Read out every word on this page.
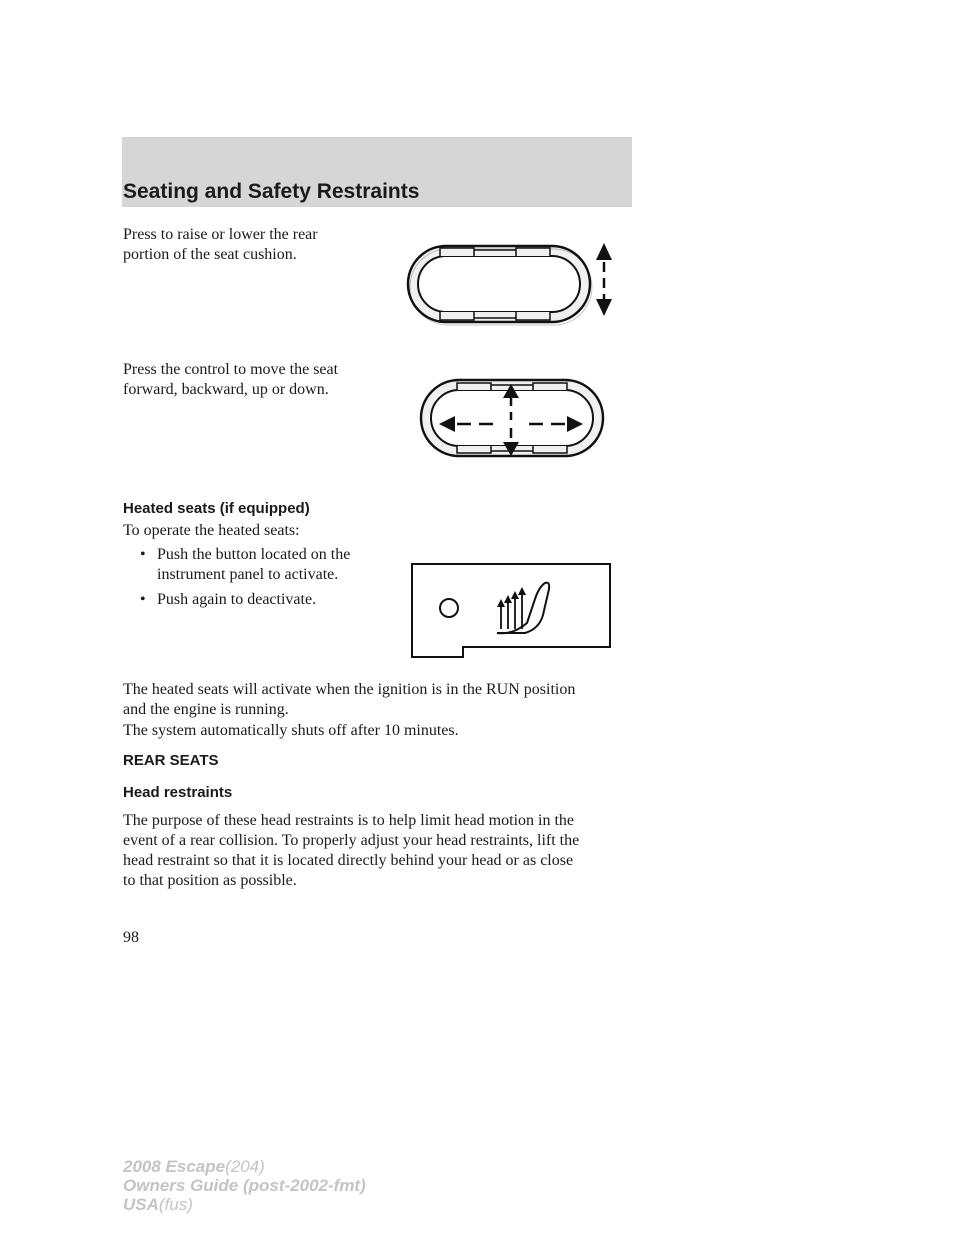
Seating and Safety Restraints

Press to raise or lower the rear

portion of the seat cushion.

Press the control to move the seat

forward, backward, up or down.

Heated seats (if equipped)

To operate the heated seats:

• Push the button located on the

instrument panel to activate.

• Push again to deactivate.

The heated seats will activate when the ignition is in the RUN position

and the engine is running.

The system automatically shuts off after 10 minutes.

REAR SEATS

Head restraints

The purpose of these head restraints is to help limit head motion in the

event of a rear collision. To properly adjust your head restraints, lift the

head restraint so that it is located directly behind your head or as close

to that position as possible.

98
2008 Escape(204)
Owners Guide (post-2002-fmt)
USA(fus)
